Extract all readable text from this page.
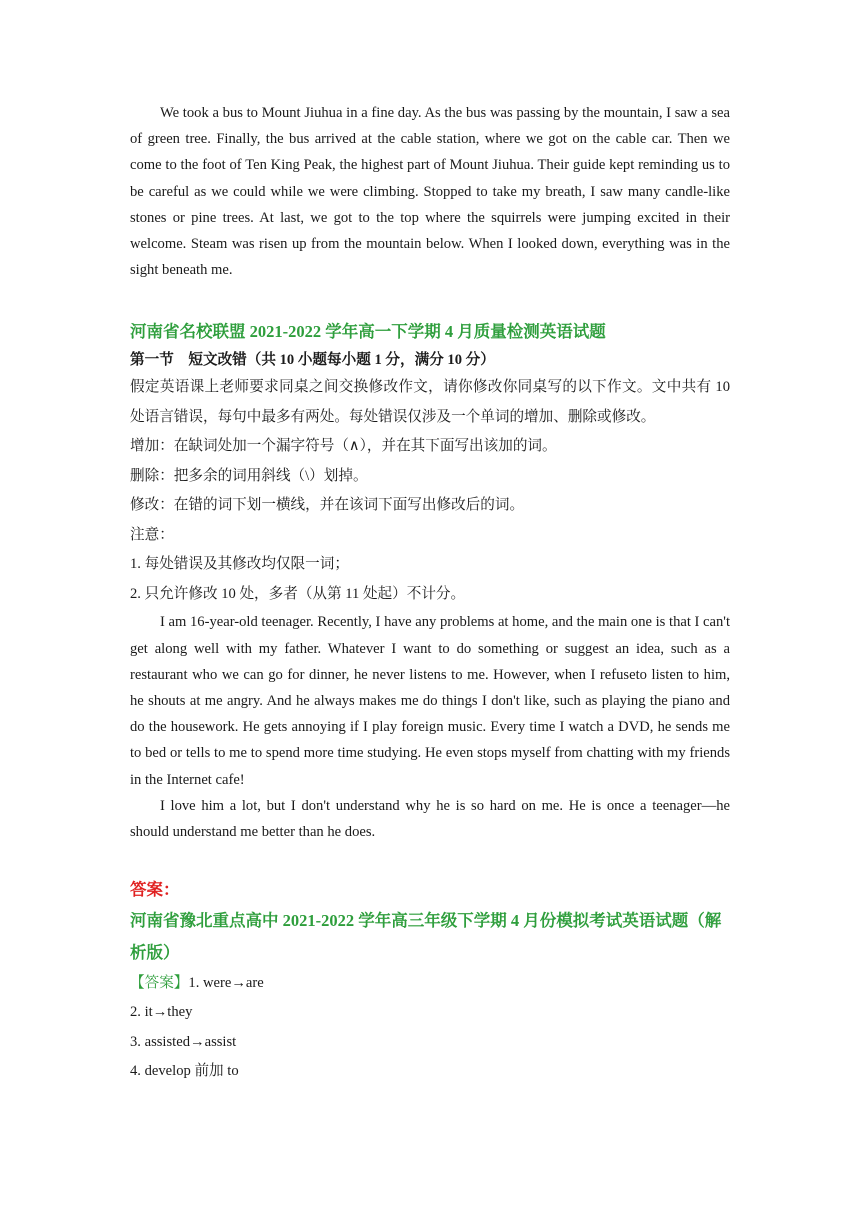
We took a bus to Mount Jiuhua in a fine day. As the bus was passing by the mountain, I saw a sea of green tree. Finally, the bus arrived at the cable station, where we got on the cable car. Then we come to the foot of Ten King Peak, the highest part of Mount Jiuhua. Their guide kept reminding us to be careful as we could while we were climbing. Stopped to take my breath, I saw many candle-like stones or pine trees. At last, we got to the top where the squirrels were jumping excited in their welcome. Steam was risen up from the mountain below. When I looked down, everything was in the sight beneath me.

河南省名校联盟 2021-2022 学年高一下学期 4 月质量检测英语试题

第一节　短文改错（共 10 小题每小题 1 分，满分 10 分）

假定英语课上老师要求同桌之间交换修改作文，请你修改你同桌写的以下作文。文中共有 10 处语言错误，每句中最多有两处。每处错误仅涉及一个单词的增加、删除或修改。

增加：在缺词处加一个漏字符号（∧），并在其下面写出该加的词。

删除：把多余的词用斜线（\）划掉。

修改：在错的词下划一横线，并在该词下面写出修改后的词。

注意：

1. 每处错误及其修改均仅限一词；

2. 只允许修改 10 处，多者（从第 11 处起）不计分。

I am 16-year-old teenager. Recently, I have any problems at home, and the main one is that I can't get along well with my father. Whatever I want to do something or suggest an idea, such as a restaurant who we can go for dinner, he never listens to me. However, when I refuseto listen to him, he shouts at me angry. And he always makes me do things I don't like, such as playing the piano and do the housework. He gets annoying if I play foreign music. Every time I watch a DVD, he sends me to bed or tells to me to spend more time studying. He even stops myself from chatting with my friends in the Internet cafe!

I love him a lot, but I don't understand why he is so hard on me. He is once a teenager—he should understand me better than he does.

答案：

河南省豫北重点高中 2021-2022 学年高三年级下学期 4 月份模拟考试英语试题（解析版）

【答案】1. were→are

2. it→they

3. assisted→assist

4. develop 前加 to
